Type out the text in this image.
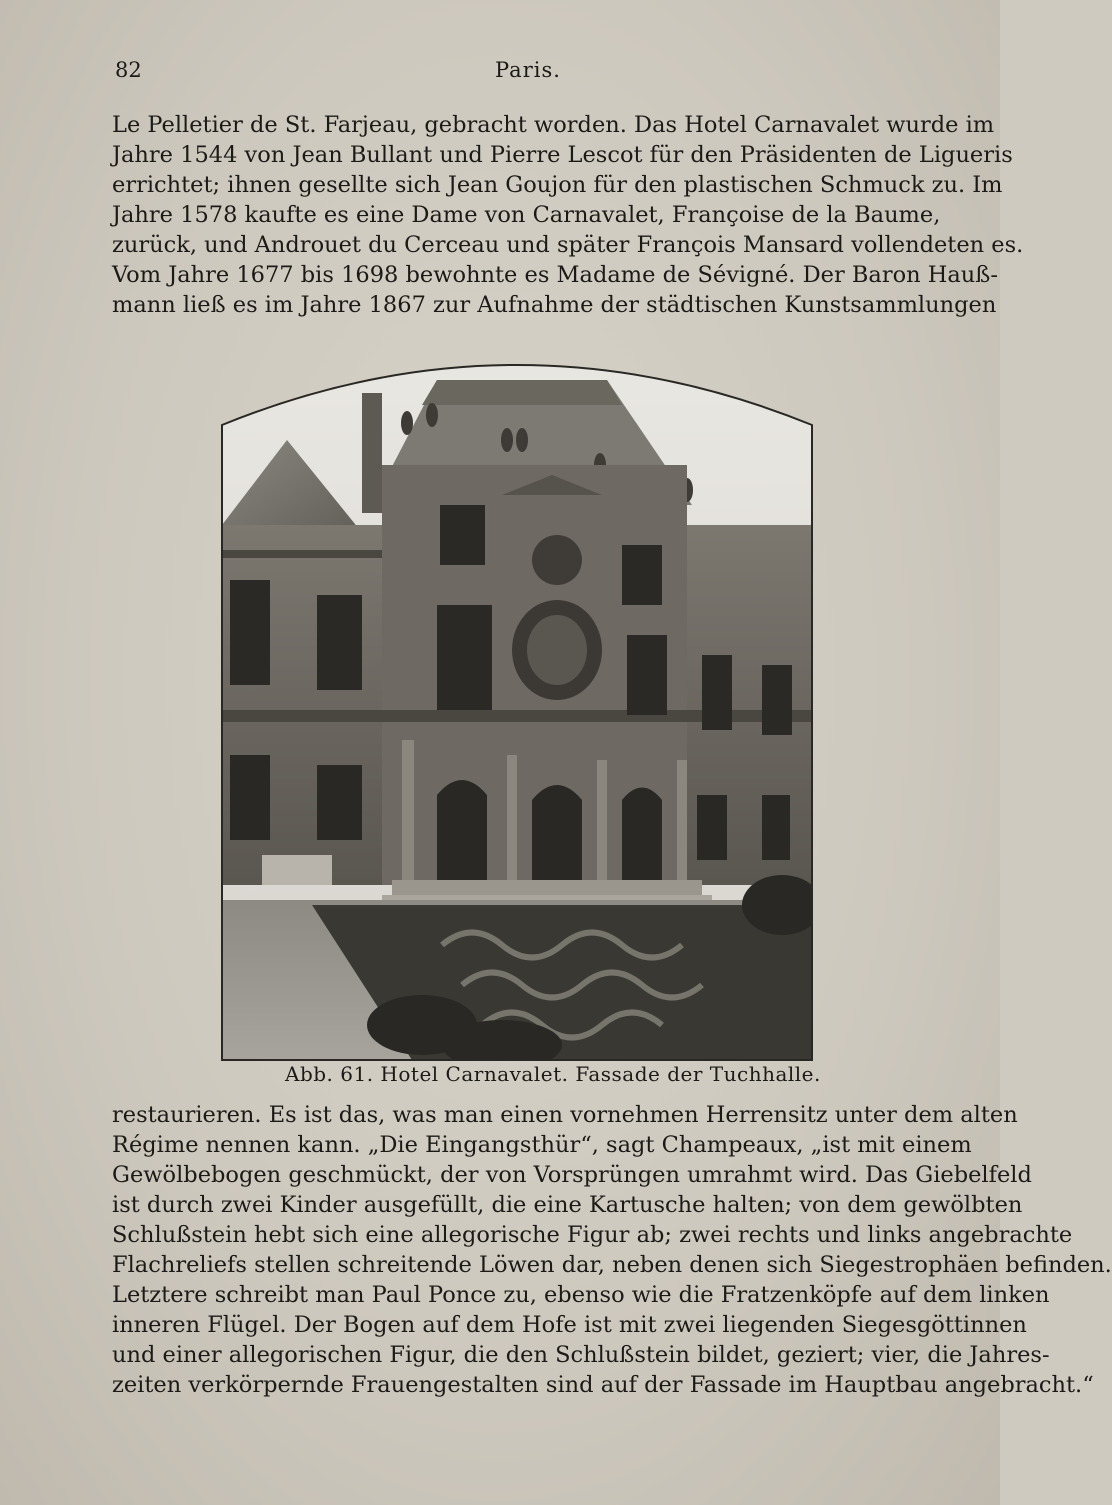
82	Paris.
Le Pelletier de St. Farjeau, gebracht worden. Das Hotel Carnavalet wurde im
Jahre 1544 von Jean Bullant und Pierre Lescot für den Präsidenten de Ligueris
errichtet; ihnen gesellte sich Jean Goujon für den plastischen Schmuck zu. Im
Jahre 1578 kaufte es eine Dame von Carnavalet, Françoise de la Baume,
zurück, und Androuet du Cerceau und später François Mansard vollendeten es.
Vom Jahre 1677 bis 1698 bewohnte es Madame de Sévigné. Der Baron Hauß-
mann ließ es im Jahre 1867 zur Aufnahme der städtischen Kunstsammlungen
Abb. 61. Hotel Carnavalet. Fassade der Tuchhalle.
restaurieren. Es ist das, was man einen vornehmen Herrensitz unter dem alten
Régime nennen kann. „Die Eingangsthür“, sagt Champeaux, „ist mit einem
Gewölbebogen geschmückt, der von Vorsprüngen umrahmt wird. Das Giebelfeld
ist durch zwei Kinder ausgefüllt, die eine Kartusche halten; von dem gewölbten
Schlußstein hebt sich eine allegorische Figur ab; zwei rechts und links angebrachte
Flachreliefs stellen schreitende Löwen dar, neben denen sich Siegestrophäen befinden.
Letztere schreibt man Paul Ponce zu, ebenso wie die Fratzenköpfe auf dem linken
inneren Flügel. Der Bogen auf dem Hofe ist mit zwei liegenden Siegesgöttinnen
und einer allegorischen Figur, die den Schlußstein bildet, geziert; vier, die Jahres-
zeiten verkörpernde Frauengestalten sind auf der Fassade im Hauptbau angebracht.“
